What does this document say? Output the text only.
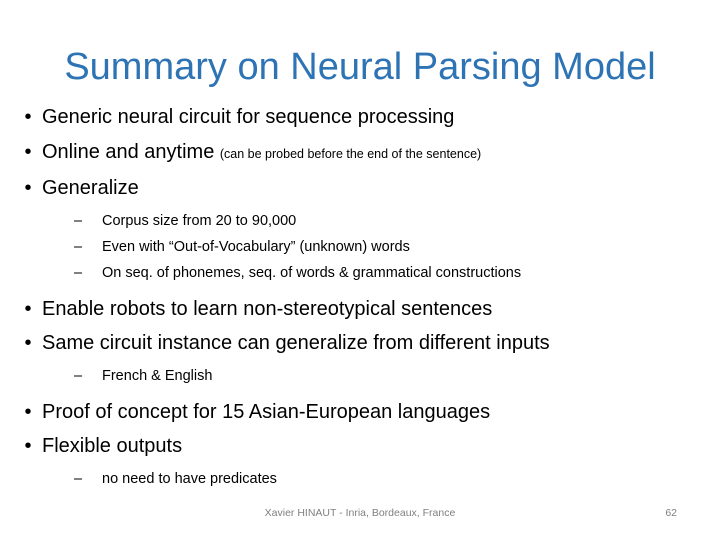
Summary on Neural Parsing Model
• Generic neural circuit for sequence processing
• Online and anytime (can be probed before the end of the sentence)
• Generalize
–	Corpus size from 20 to 90,000
–	Even with “Out-of-Vocabulary” (unknown) words
–	On seq. of phonemes, seq. of words & grammatical constructions
• Enable robots to learn non-stereotypical sentences
• Same circuit instance can generalize from different inputs
–	French & English
• Proof of concept for 15 Asian-European languages
• Flexible outputs
–	no need to have predicates
Xavier HINAUT - Inria, Bordeaux, France	62
